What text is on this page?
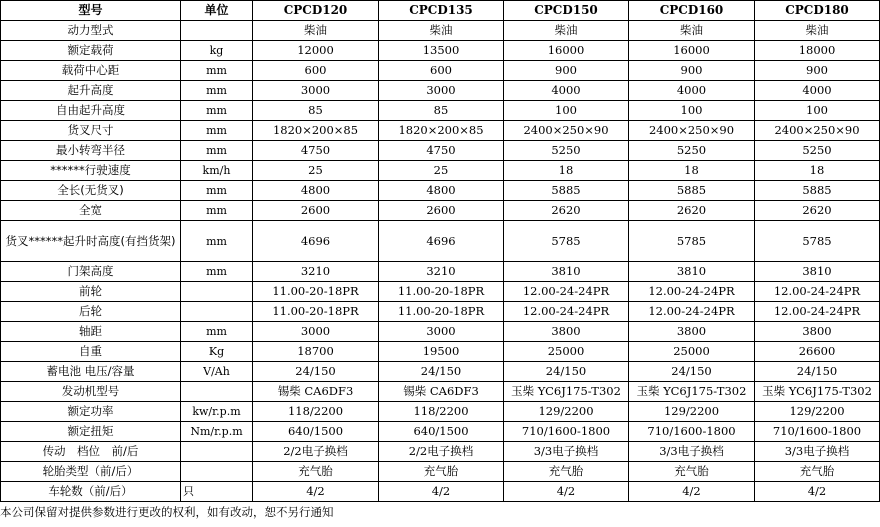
型号	单位	CPCD120	CPCD135	CPCD150	CPCD160	CPCD180
动力型式		柴油	柴油	柴油	柴油	柴油
额定载荷	kg	12000	13500	16000	16000	18000
载荷中心距	mm	600	600	900	900	900
起升高度	mm	3000	3000	4000	4000	4000
自由起升高度	mm	85	85	100	100	100
货叉尺寸	mm	1820×200×85	1820×200×85	2400×250×90	2400×250×90	2400×250×90
最小转弯半径	mm	4750	4750	5250	5250	5250
******行驶速度	km/h	25	25	18	18	18
全长(无货叉)	mm	4800	4800	5885	5885	5885
全宽	mm	2600	2600	2620	2620	2620
货叉******起升时高度(有挡货架)	mm	4696	4696	5785	5785	5785
门架高度	mm	3210	3210	3810	3810	3810
前轮		11.00-20-18PR	11.00-20-18PR	12.00-24-24PR	12.00-24-24PR	12.00-24-24PR
后轮		11.00-20-18PR	11.00-20-18PR	12.00-24-24PR	12.00-24-24PR	12.00-24-24PR
轴距	mm	3000	3000	3800	3800	3800
自重	Kg	18700	19500	25000	25000	26600
蓄电池 电压/容量	V/Ah	24/150	24/150	24/150	24/150	24/150
发动机型号		锡柴 CA6DF3	锡柴 CA6DF3	玉柴 YC6J175-T302	玉柴 YC6J175-T302	玉柴 YC6J175-T302
额定功率	kw/r.p.m	118/2200	118/2200	129/2200	129/2200	129/2200
额定扭矩	Nm/r.p.m	640/1500	640/1500	710/1600-1800	710/1600-1800	710/1600-1800
传动　档位　前/后		2/2电子换档	2/2电子换档	3/3电子换档	3/3电子换档	3/3电子换档
轮胎类型（前/后）		充气胎	充气胎	充气胎	充气胎	充气胎
车轮数（前/后）	只	4/2	4/2	4/2	4/2	4/2
本公司保留对提供参数进行更改的权利，如有改动，恕不另行通知
